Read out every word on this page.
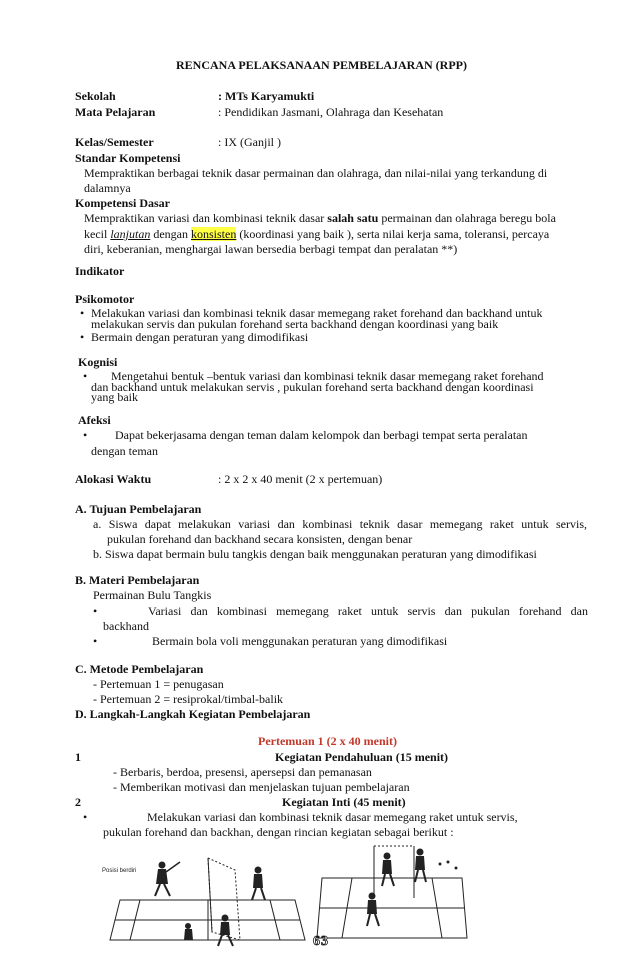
RENCANA PELAKSANAAN PEMBELAJARAN (RPP)
Sekolah	: MTs Karyamukti
Mata Pelajaran	: Pendidikan Jasmani, Olahraga dan Kesehatan
Kelas/Semester	: IX (Ganjil )
Standar Kompetensi
Mempraktikan berbagai teknik dasar permainan dan olahraga, dan nilai-nilai yang terkandung di
dalamnya
Kompetensi Dasar
Mempraktikan variasi dan kombinasi teknik dasar salah satu permainan dan olahraga beregu bola
kecil lanjutan dengan konsisten (koordinasi yang baik ), serta nilai kerja sama, toleransi, percaya
diri, keberanian, menghargai lawan bersedia berbagi tempat dan peralatan **)
Indikator
Psikomotor
• Melakukan variasi dan kombinasi teknik dasar memegang raket forehand dan backhand untuk
melakukan servis dan pukulan forehand serta backhand dengan koordinasi yang baik
• Bermain dengan peraturan yang dimodifikasi
Kognisi
• Mengetahui bentuk –bentuk variasi dan kombinasi teknik dasar memegang raket forehand
dan backhand untuk melakukan servis , pukulan forehand serta backhand dengan koordinasi
yang baik
Afeksi
• Dapat bekerjasama dengan teman dalam kelompok dan berbagi tempat serta peralatan
dengan teman
Alokasi Waktu	: 2 x 2 x 40 menit (2 x pertemuan)
A. Tujuan Pembelajaran
a. Siswa dapat melakukan variasi dan kombinasi teknik dasar memegang raket untuk servis,
pukulan forehand dan backhand secara konsisten, dengan benar
b. Siswa dapat bermain bulu tangkis dengan baik menggunakan peraturan yang dimodifikasi
B. Materi Pembelajaran
Permainan Bulu Tangkis
•	Variasi dan kombinasi memegang raket untuk servis dan pukulan forehand dan
backhand
•	Bermain bola voli menggunakan peraturan yang dimodifikasi
C. Metode Pembelajaran
- Pertemuan 1 = penugasan
- Pertemuan 2 = resiprokal/timbal-balik
D. Langkah-Langkah Kegiatan Pembelajaran
Pertemuan 1 (2 x 40 menit)
1	Kegiatan Pendahuluan (15 menit)
- Berbaris, berdoa, presensi, apersepsi dan pemanasan
- Memberikan motivasi dan menjelaskan tujuan pembelajaran
2	Kegiatan Inti (45 menit)
•	Melakukan variasi dan kombinasi teknik dasar memegang raket untuk servis,
pukulan forehand dan backhan, dengan rincian kegiatan sebagai berikut :
Posisi berdiri
63
